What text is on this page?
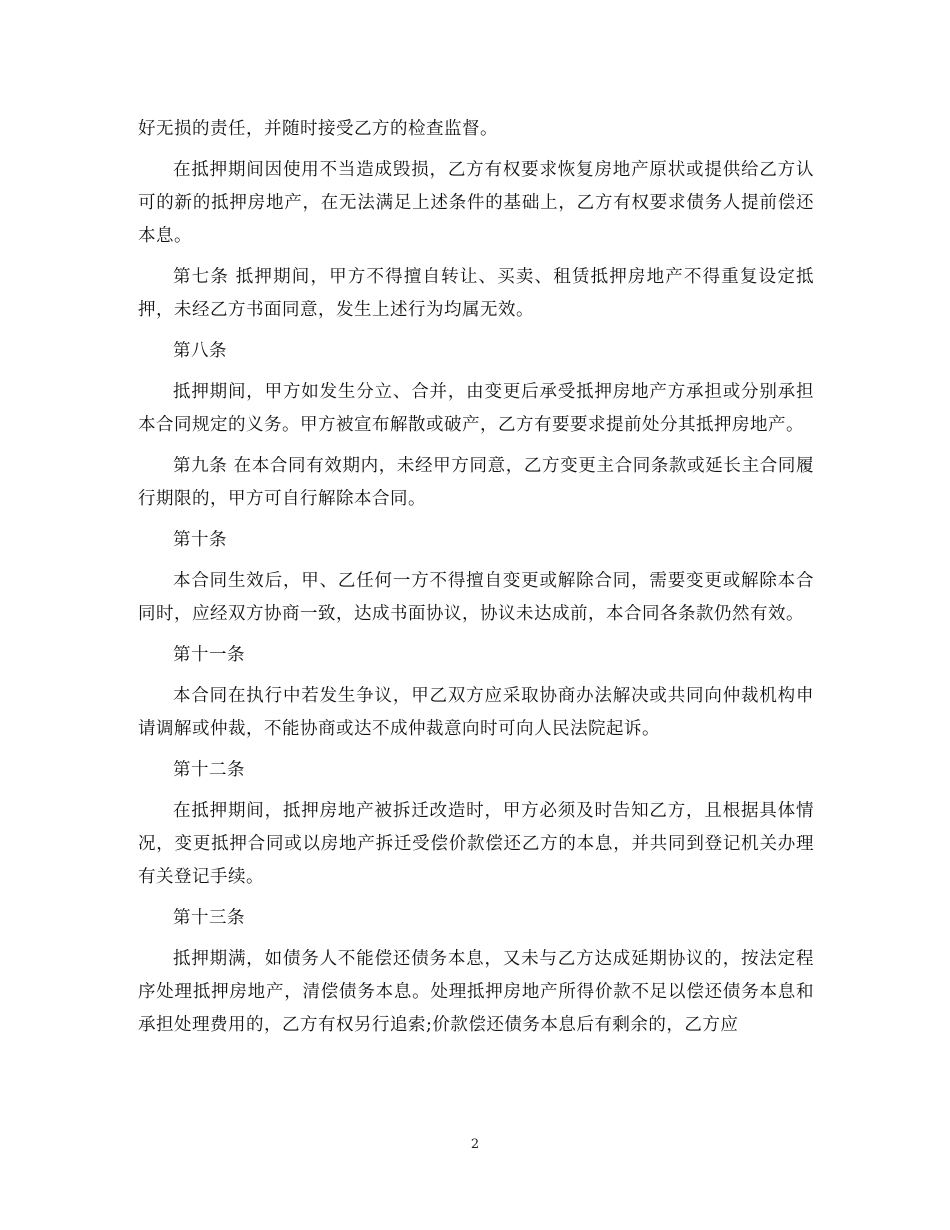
好无损的责任，并随时接受乙方的检查监督。

在抵押期间因使用不当造成毁损，乙方有权要求恢复房地产原状或提供给乙方认可的新的抵押房地产，在无法满足上述条件的基础上，乙方有权要求债务人提前偿还本息。

第七条 抵押期间，甲方不得擅自转让、买卖、租赁抵押房地产不得重复设定抵押，未经乙方书面同意，发生上述行为均属无效。

第八条

抵押期间，甲方如发生分立、合并，由变更后承受抵押房地产方承担或分别承担本合同规定的义务。甲方被宣布解散或破产，乙方有要要求提前处分其抵押房地产。

第九条 在本合同有效期内，未经甲方同意，乙方变更主合同条款或延长主合同履行期限的，甲方可自行解除本合同。

第十条

本合同生效后，甲、乙任何一方不得擅自变更或解除合同，需要变更或解除本合同时，应经双方协商一致，达成书面协议，协议未达成前，本合同各条款仍然有效。

第十一条

本合同在执行中若发生争议，甲乙双方应采取协商办法解决或共同向仲裁机构申请调解或仲裁，不能协商或达不成仲裁意向时可向人民法院起诉。

第十二条

在抵押期间，抵押房地产被拆迁改造时，甲方必须及时告知乙方，且根据具体情况，变更抵押合同或以房地产拆迁受偿价款偿还乙方的本息，并共同到登记机关办理有关登记手续。

第十三条

抵押期满，如债务人不能偿还债务本息，又未与乙方达成延期协议的，按法定程序处理抵押房地产，清偿债务本息。处理抵押房地产所得价款不足以偿还债务本息和承担处理费用的，乙方有权另行追索;价款偿还债务本息后有剩余的，乙方应

2
